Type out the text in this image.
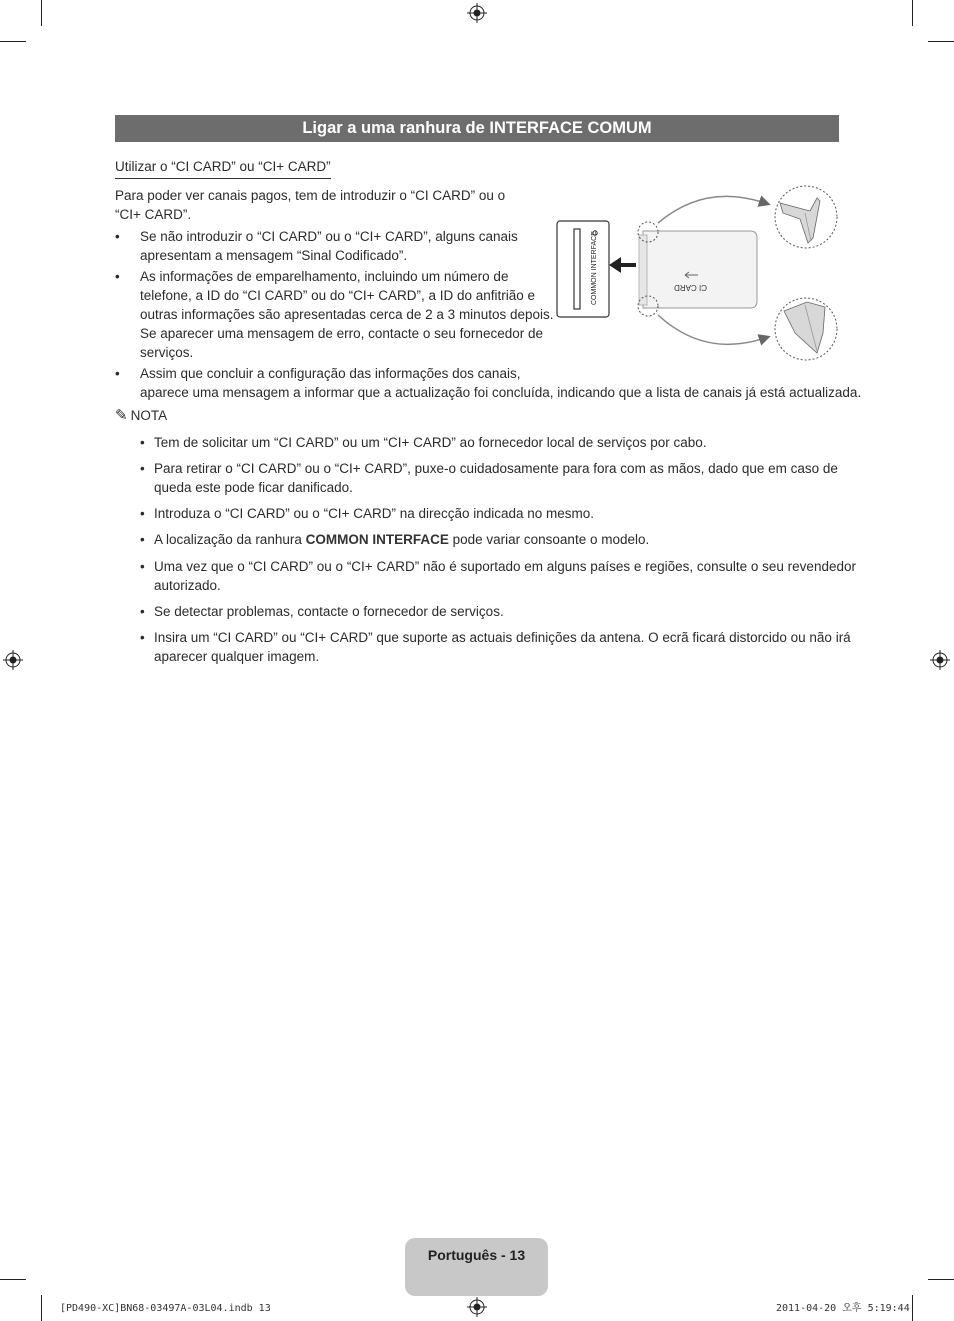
Ligar a uma ranhura de INTERFACE COMUM
Utilizar o “CI CARD” ou “CI+ CARD”
Para poder ver canais pagos, tem de introduzir o “CI CARD” ou o “CI+ CARD”.
•	Se não introduzir o “CI CARD” ou o “CI+ CARD”, alguns canais
apresentam a mensagem “Sinal Codificado”.
•	As informações de emparelhamento, incluindo um número de
telefone, a ID do “CI CARD” ou do “CI+ CARD”, a ID do anfitrião e
outras informações são apresentadas cerca de 2 a 3 minutos depois.
Se aparecer uma mensagem de erro, contacte o seu fornecedor de
serviços.
•	Assim que concluir a configuração das informações dos canais,
aparece uma mensagem a informar que a actualização foi concluída, indicando que a lista de canais já está actualizada.
COMMON INTERFACE	CI CARD
✎ NOTA
• Tem de solicitar um “CI CARD” ou um “CI+ CARD” ao fornecedor local de serviços por cabo.
• Para retirar o “CI CARD” ou o “CI+ CARD”, puxe-o cuidadosamente para fora com as mãos, dado que em caso de
queda este pode ficar danificado.
• Introduza o “CI CARD” ou o “CI+ CARD” na direcção indicada no mesmo.
• A localização da ranhura COMMON INTERFACE pode variar consoante o modelo.
• Uma vez que o “CI CARD” ou o “CI+ CARD” não é suportado em alguns países e regiões, consulte o seu revendedor
autorizado.
• Se detectar problemas, contacte o fornecedor de serviços.
• Insira um “CI CARD” ou “CI+ CARD” que suporte as actuais definições da antena. O ecrã ficará distorcido ou não irá
aparecer qualquer imagem.
Português - 13
[PD490-XC]BN68-03497A-03L04.indb 13	2011-04-20 오후 5:19:44
